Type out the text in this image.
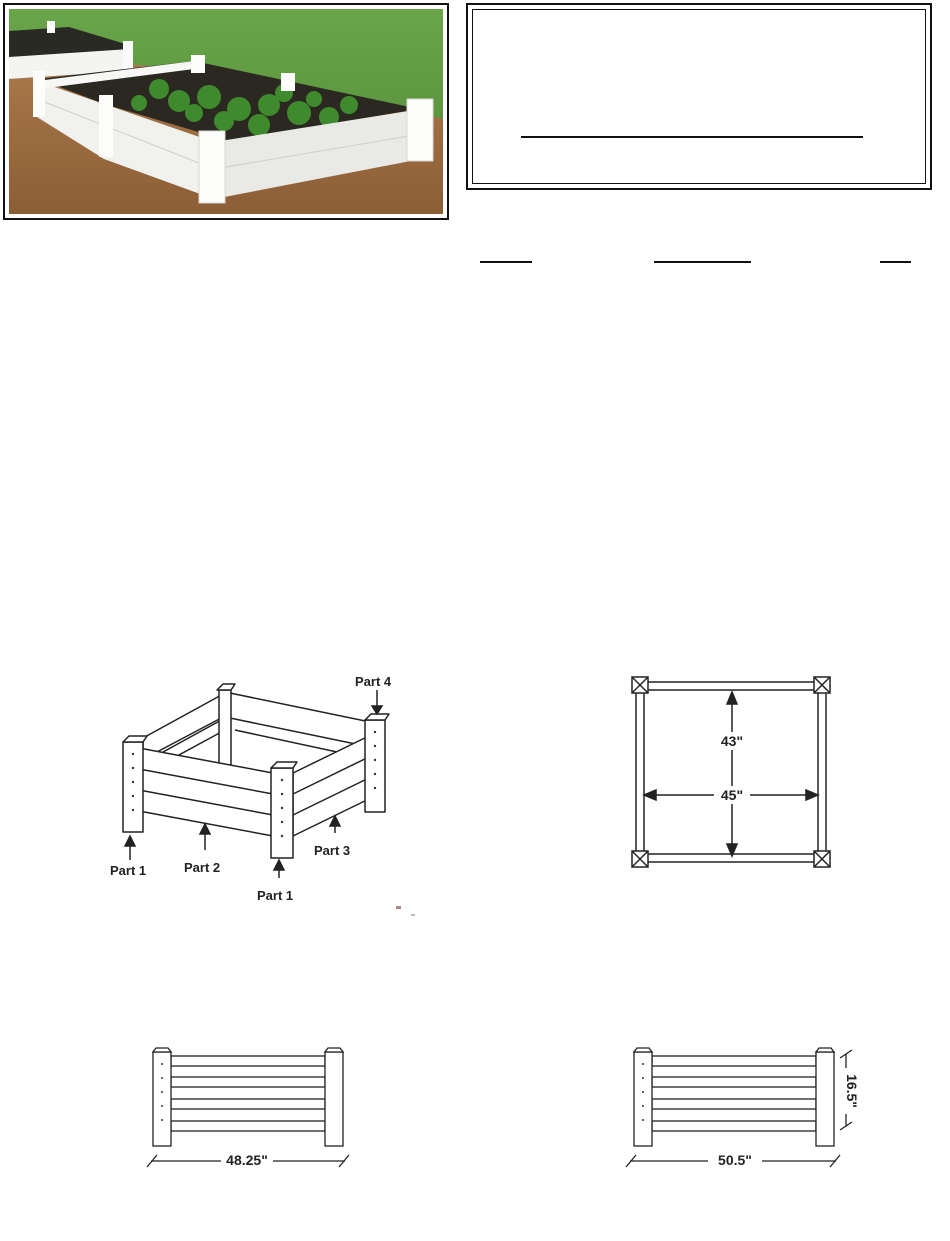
Part 4
Part 1	Part 2
Part 1
Part 3
43"
45"
48.25"	50.5"
16.5"
